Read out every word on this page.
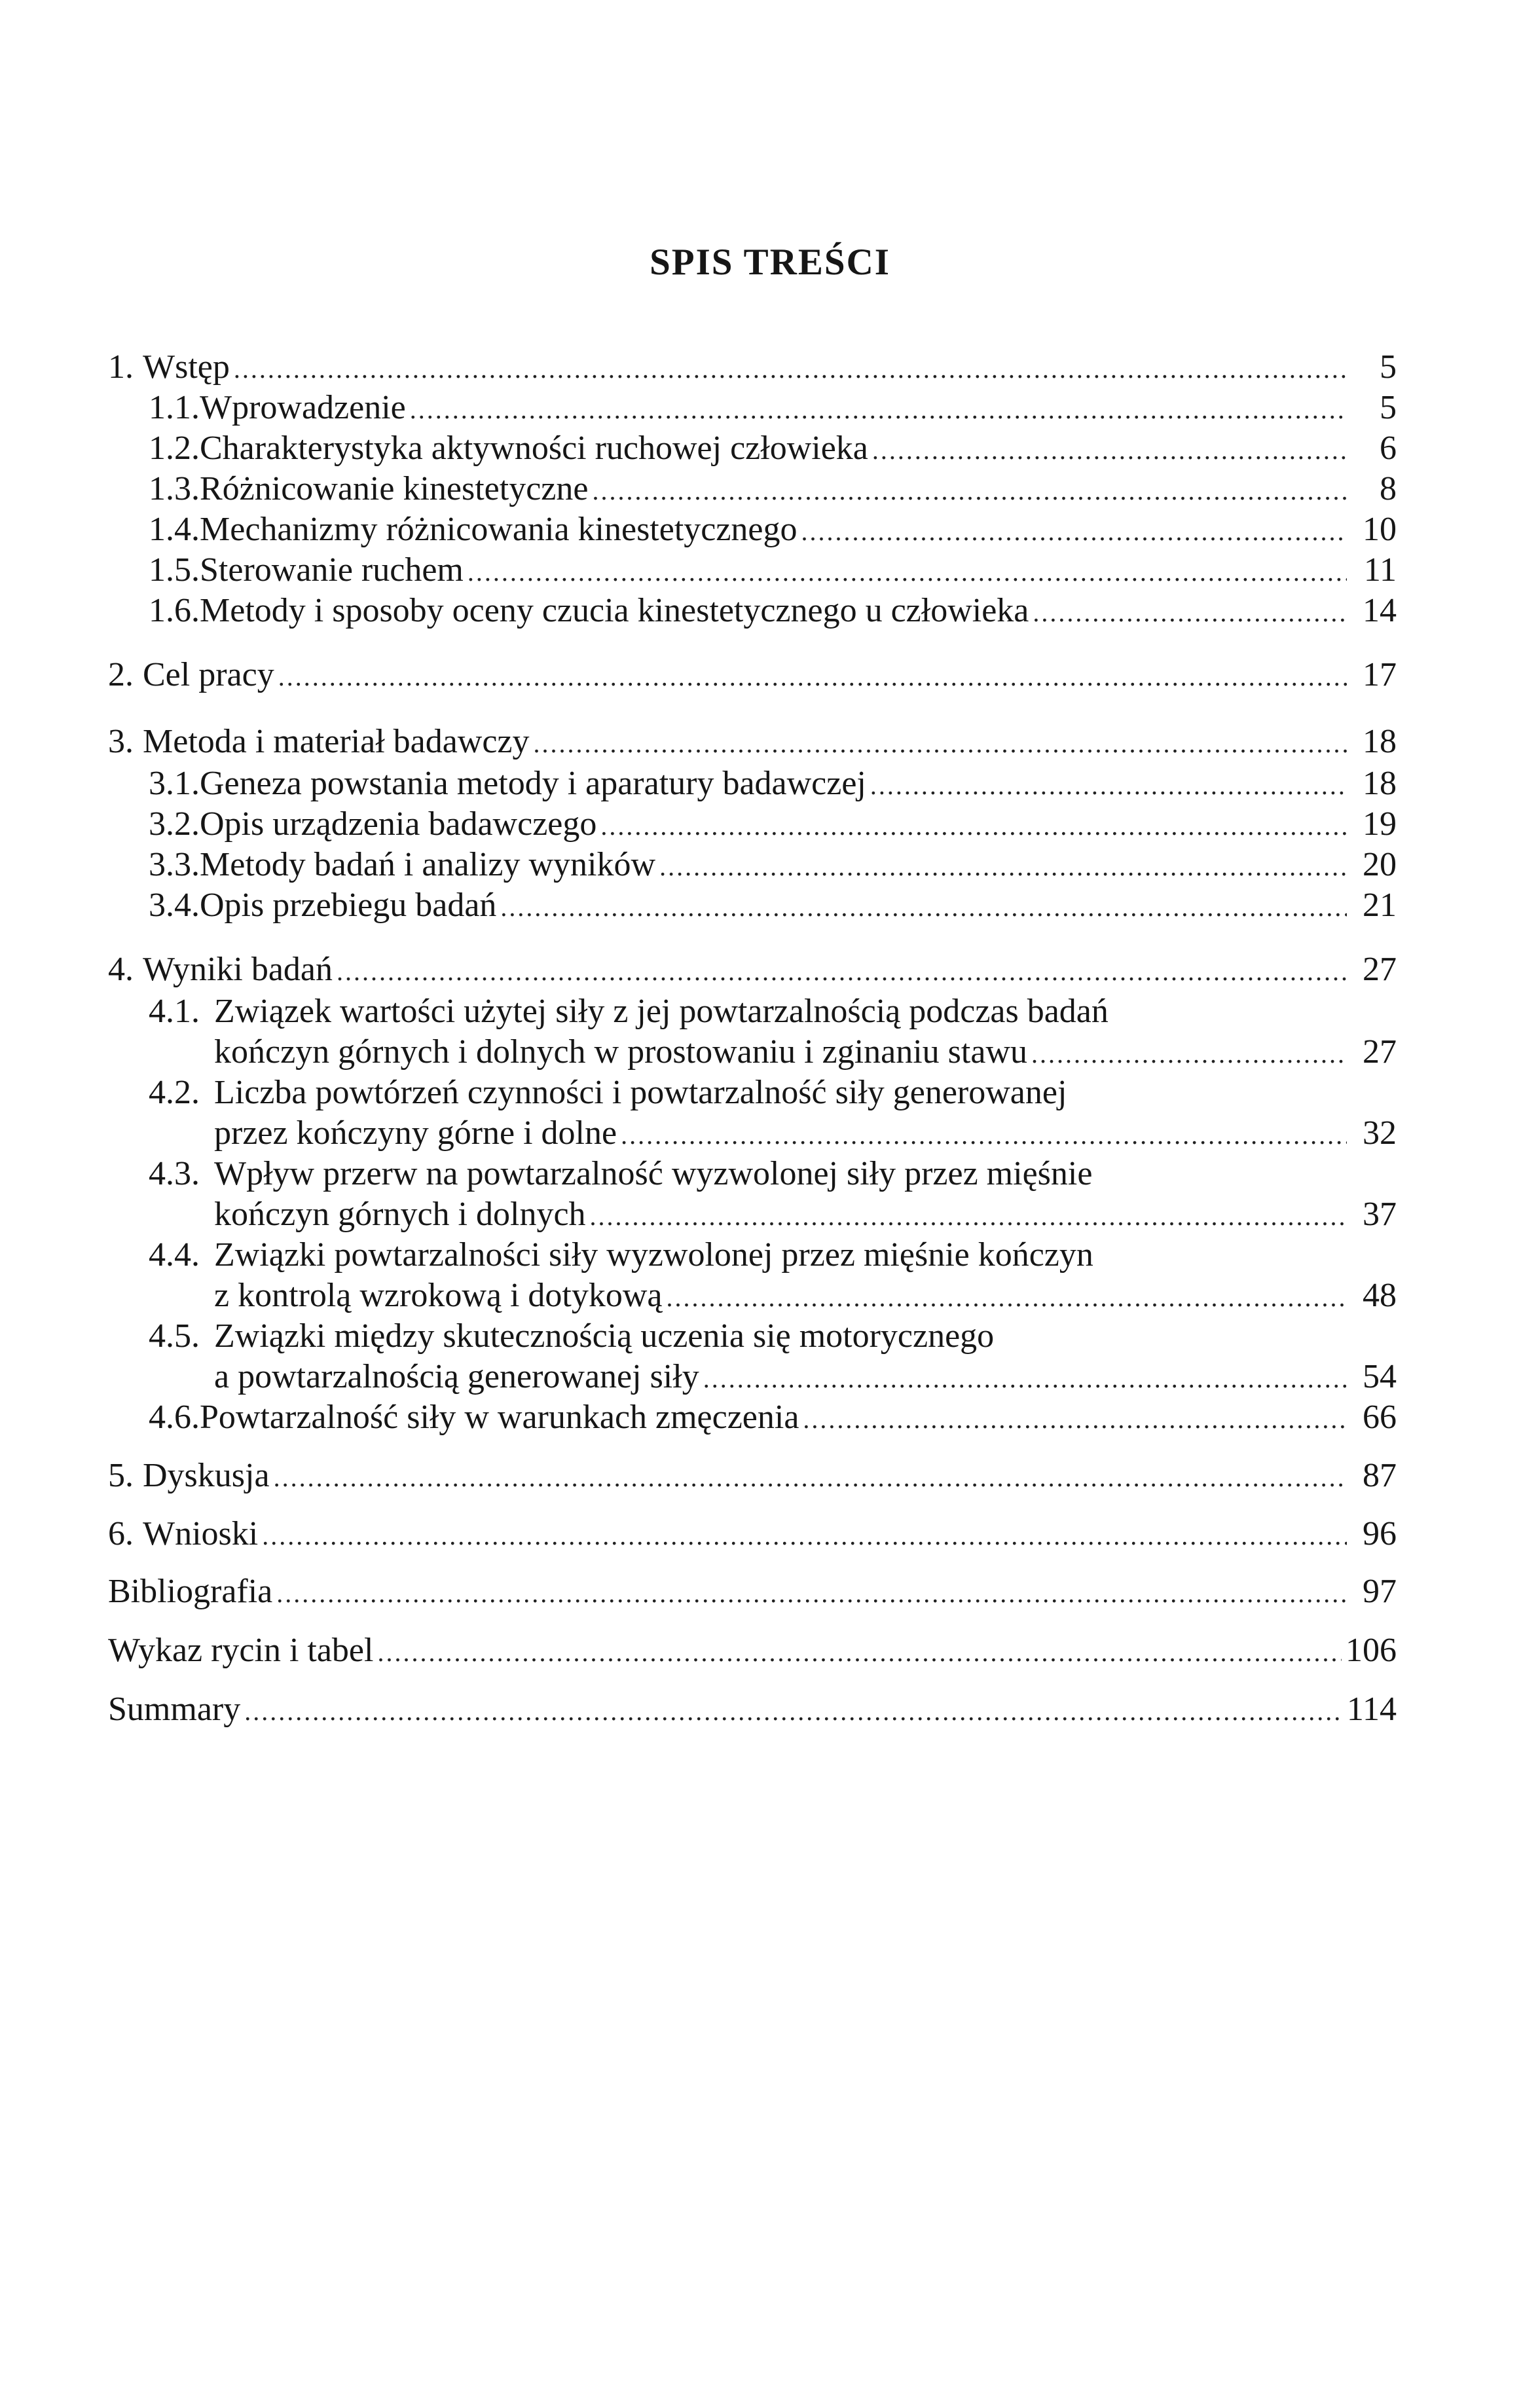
SPIS TREŚCI
1. Wstęp .....	5
1.1. Wprowadzenie .....	5
1.2. Charakterystyka aktywności ruchowej człowieka .....	6
1.3. Różnicowanie kinestetyczne .....	8
1.4. Mechanizmy różnicowania kinestetycznego .....	10
1.5. Sterowanie ruchem .....	11
1.6. Metody i sposoby oceny czucia kinestetycznego u człowieka .....	14
2. Cel pracy .....	17
3. Metoda i materiał badawczy .....	18
3.1. Geneza powstania metody i aparatury badawczej .....	18
3.2. Opis urządzenia badawczego .....	19
3.3. Metody badań i analizy wyników .....	20
3.4. Opis przebiegu badań .....	21
4. Wyniki badań .....	27
4.1. Związek wartości użytej siły z jej powtarzalnością podczas badań
kończyn górnych i dolnych w prostowaniu i zginaniu stawu .....	27
4.2. Liczba powtórzeń czynności i powtarzalność siły generowanej
przez kończyny górne i dolne .....	32
4.3. Wpływ przerw na powtarzalność wyzwolonej siły przez mięśnie
kończyn górnych i dolnych .....	37
4.4. Związki powtarzalności siły wyzwolonej przez mięśnie kończyn
z kontrolą wzrokową i dotykową .....	48
4.5. Związki między skutecznością uczenia się motorycznego
a powtarzalnością generowanej siły .....	54
4.6. Powtarzalność siły w warunkach zmęczenia .....	66
5. Dyskusja .....	87
6. Wnioski .....	96
Bibliografia .....	97
Wykaz rycin i tabel .....	106
Summary .....	114
